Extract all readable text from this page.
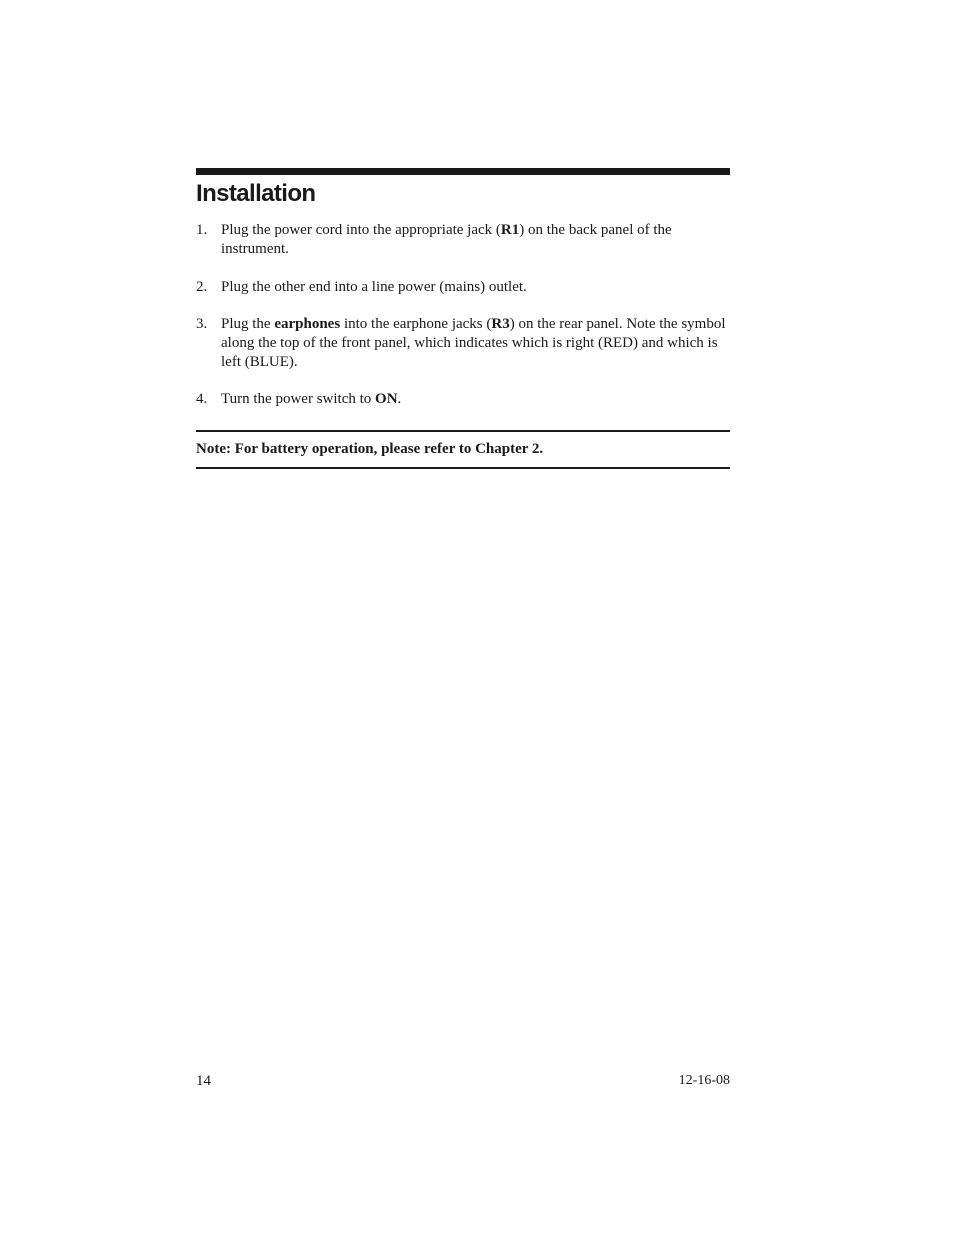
Installation
1. Plug the power cord into the appropriate jack (R1) on the back panel of the instrument.
2. Plug the other end into a line power (mains) outlet.
3. Plug the earphones into the earphone jacks (R3) on the rear panel. Note the symbol along the top of the front panel, which indicates which is right (RED) and which is left (BLUE).
4. Turn the power switch to ON.

Note: For battery operation, please refer to Chapter 2.

14	12-16-08
